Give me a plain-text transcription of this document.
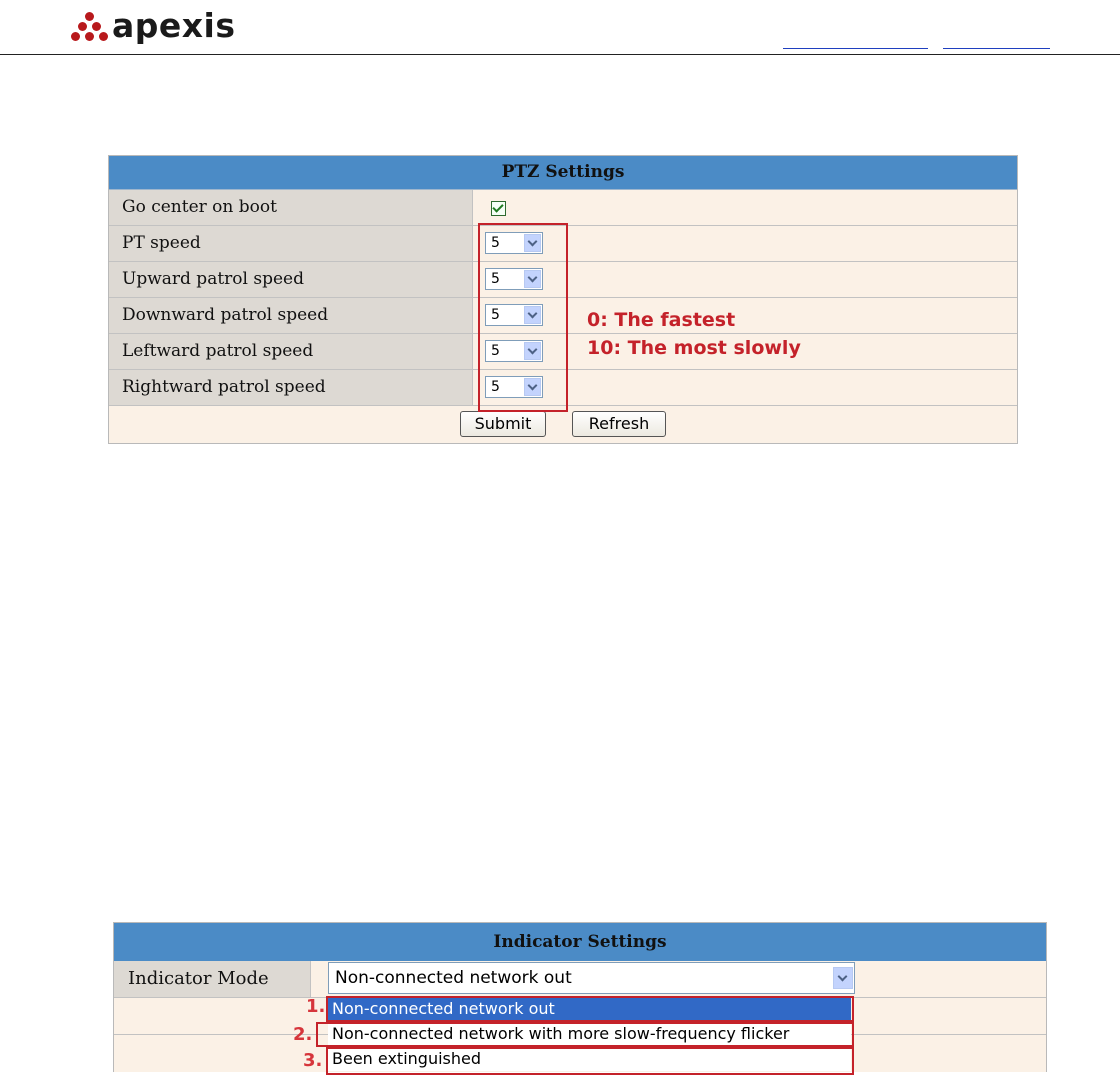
apexis
PTZ Settings
Go center on boot
PT speed	5
Upward patrol speed	5
Downward patrol speed	5
Leftward patrol speed	5
Rightward patrol speed	5
Submit	Refresh
0: The fastest
10: The most slowly
Indicator Settings
Indicator Mode	Non-connected network out
Non-connected network out
Non-connected network with more slow-frequency flicker
Been extinguished
1.
2.
3.
